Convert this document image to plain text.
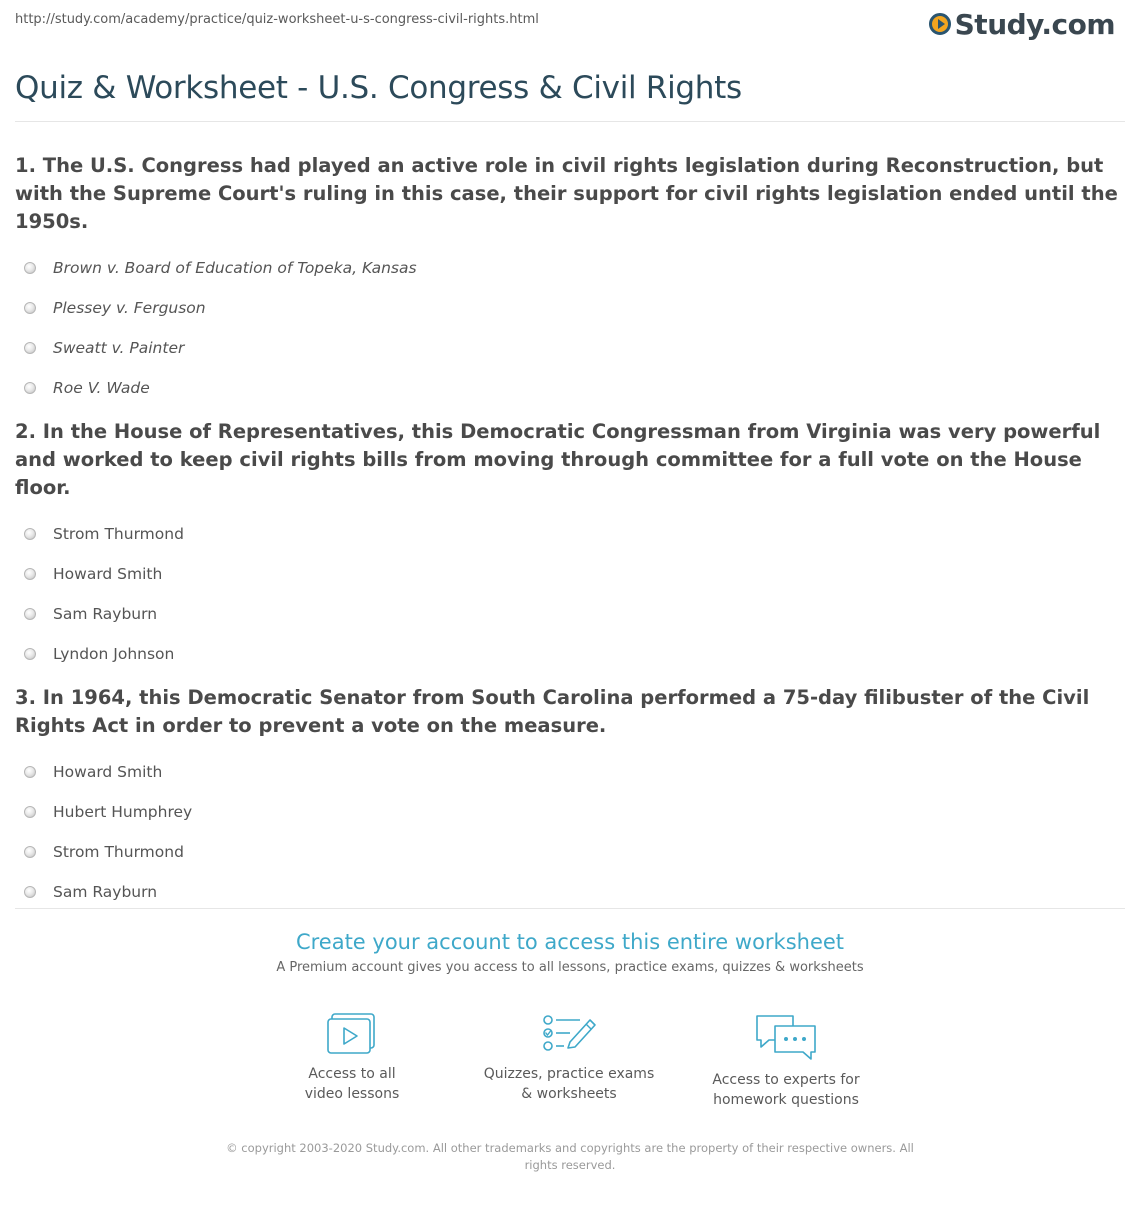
http://study.com/academy/practice/quiz-worksheet-u-s-congress-civil-rights.html	Study.com
Quiz & Worksheet - U.S. Congress & Civil Rights

1. The U.S. Congress had played an active role in civil rights legislation during Reconstruction, but with the Supreme Court's ruling in this case, their support for civil rights legislation ended until the 1950s.

Brown v. Board of Education of Topeka, Kansas
Plessey v. Ferguson
Sweatt v. Painter
Roe V. Wade

2. In the House of Representatives, this Democratic Congressman from Virginia was very powerful and worked to keep civil rights bills from moving through committee for a full vote on the House floor.

Strom Thurmond
Howard Smith
Sam Rayburn
Lyndon Johnson

3. In 1964, this Democratic Senator from South Carolina performed a 75-day filibuster of the Civil Rights Act in order to prevent a vote on the measure.

Howard Smith
Hubert Humphrey
Strom Thurmond
Sam Rayburn
Create your account to access this entire worksheet
A Premium account gives you access to all lessons, practice exams, quizzes & worksheets
Access to all
video lessons
Quizzes, practice exams
& worksheets
Access to experts for
homework questions
© copyright 2003-2020 Study.com. All other trademarks and copyrights are the property of their respective owners. All rights reserved.
